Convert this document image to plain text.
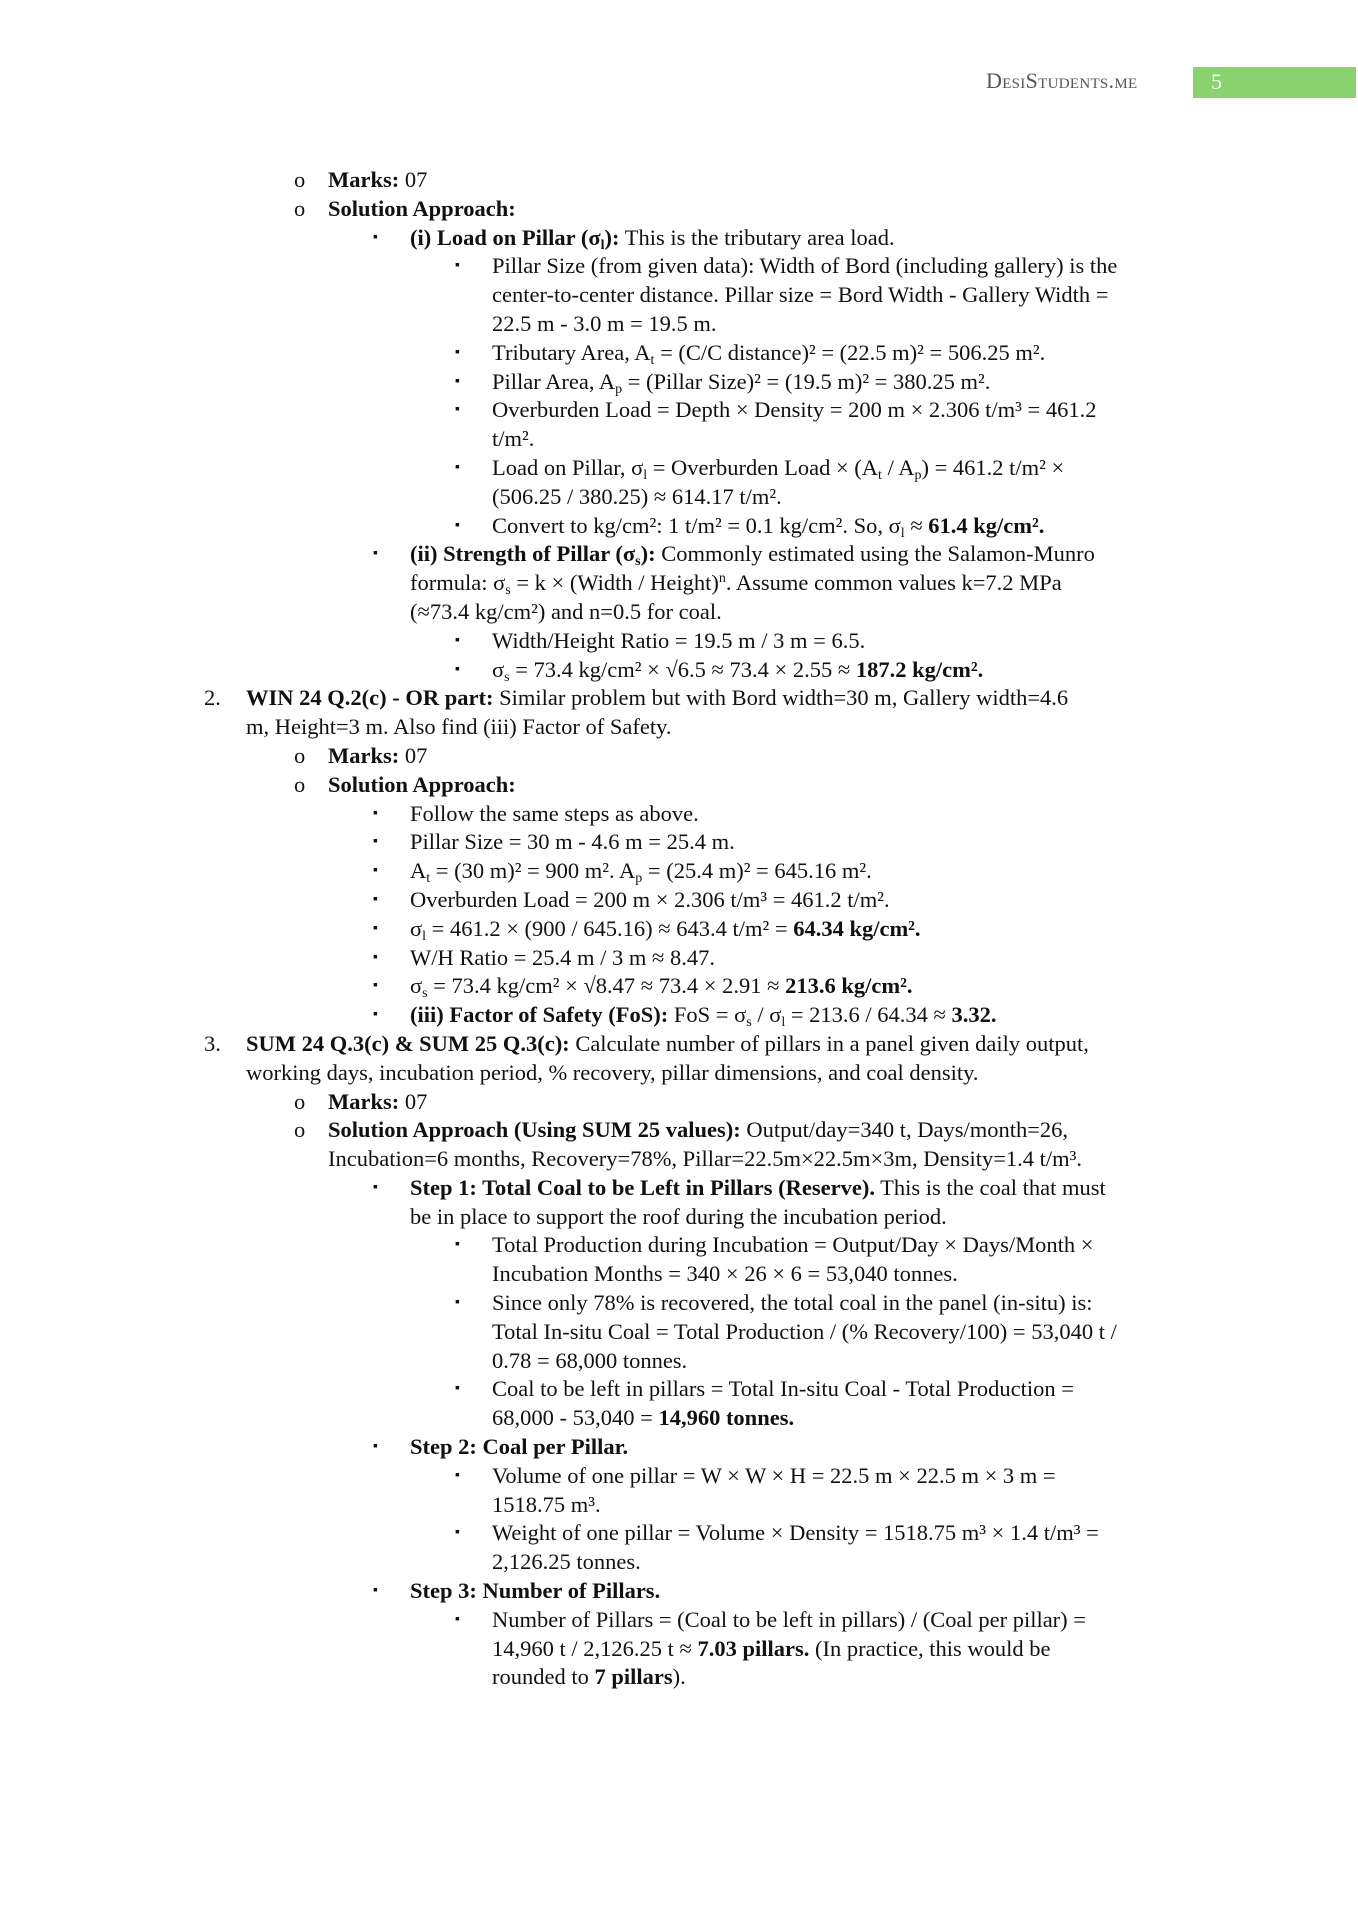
DesiStudents.me	5
o Marks: 07
o Solution Approach:
▪ (i) Load on Pillar (σl): This is the tributary area load.
▪ Pillar Size (from given data): Width of Bord (including gallery) is the
center-to-center distance. Pillar size = Bord Width - Gallery Width =
22.5 m - 3.0 m = 19.5 m.
▪ Tributary Area, At = (C/C distance)² = (22.5 m)² = 506.25 m².
▪ Pillar Area, Ap = (Pillar Size)² = (19.5 m)² = 380.25 m².
▪ Overburden Load = Depth × Density = 200 m × 2.306 t/m³ = 461.2
t/m².
▪ Load on Pillar, σl = Overburden Load × (At / Ap) = 461.2 t/m² ×
(506.25 / 380.25) ≈ 614.17 t/m².
▪ Convert to kg/cm²: 1 t/m² = 0.1 kg/cm². So, σl ≈ 61.4 kg/cm².
▪ (ii) Strength of Pillar (σs): Commonly estimated using the Salamon-Munro
formula: σs = k × (Width / Height)$^n$. Assume common values k=7.2 MPa
(≈73.4 kg/cm²) and n=0.5 for coal.
▪ Width/Height Ratio = 19.5 m / 3 m = 6.5.
▪ σs = 73.4 kg/cm² × √6.5 ≈ 73.4 × 2.55 ≈ 187.2 kg/cm².
2. WIN 24 Q.2(c) - OR part: Similar problem but with Bord width=30 m, Gallery width=4.6
m, Height=3 m. Also find (iii) Factor of Safety.
o Marks: 07
o Solution Approach:
▪ Follow the same steps as above.
▪ Pillar Size = 30 m - 4.6 m = 25.4 m.
▪ At = (30 m)² = 900 m². Ap = (25.4 m)² = 645.16 m².
▪ Overburden Load = 200 m × 2.306 t/m³ = 461.2 t/m².
▪ σl = 461.2 × (900 / 645.16) ≈ 643.4 t/m² = 64.34 kg/cm².
▪ W/H Ratio = 25.4 m / 3 m ≈ 8.47.
▪ σs = 73.4 kg/cm² × √8.47 ≈ 73.4 × 2.91 ≈ 213.6 kg/cm².
▪ (iii) Factor of Safety (FoS): FoS = σs / σl = 213.6 / 64.34 ≈ 3.32.
3. SUM 24 Q.3(c) & SUM 25 Q.3(c): Calculate number of pillars in a panel given daily output,
working days, incubation period, % recovery, pillar dimensions, and coal density.
o Marks: 07
o Solution Approach (Using SUM 25 values): Output/day=340 t, Days/month=26,
Incubation=6 months, Recovery=78%, Pillar=22.5m×22.5m×3m, Density=1.4 t/m³.
▪ Step 1: Total Coal to be Left in Pillars (Reserve). This is the coal that must
be in place to support the roof during the incubation period.
▪ Total Production during Incubation = Output/Day × Days/Month ×
Incubation Months = 340 × 26 × 6 = 53,040 tonnes.
▪ Since only 78% is recovered, the total coal in the panel (in-situ) is:
Total In-situ Coal = Total Production / (% Recovery/100) = 53,040 t /
0.78 = 68,000 tonnes.
▪ Coal to be left in pillars = Total In-situ Coal - Total Production =
68,000 - 53,040 = 14,960 tonnes.
▪ Step 2: Coal per Pillar.
▪ Volume of one pillar = W × W × H = 22.5 m × 22.5 m × 3 m =
1518.75 m³.
▪ Weight of one pillar = Volume × Density = 1518.75 m³ × 1.4 t/m³ =
2,126.25 tonnes.
▪ Step 3: Number of Pillars.
▪ Number of Pillars = (Coal to be left in pillars) / (Coal per pillar) =
14,960 t / 2,126.25 t ≈ 7.03 pillars. (In practice, this would be
rounded to 7 pillars).
